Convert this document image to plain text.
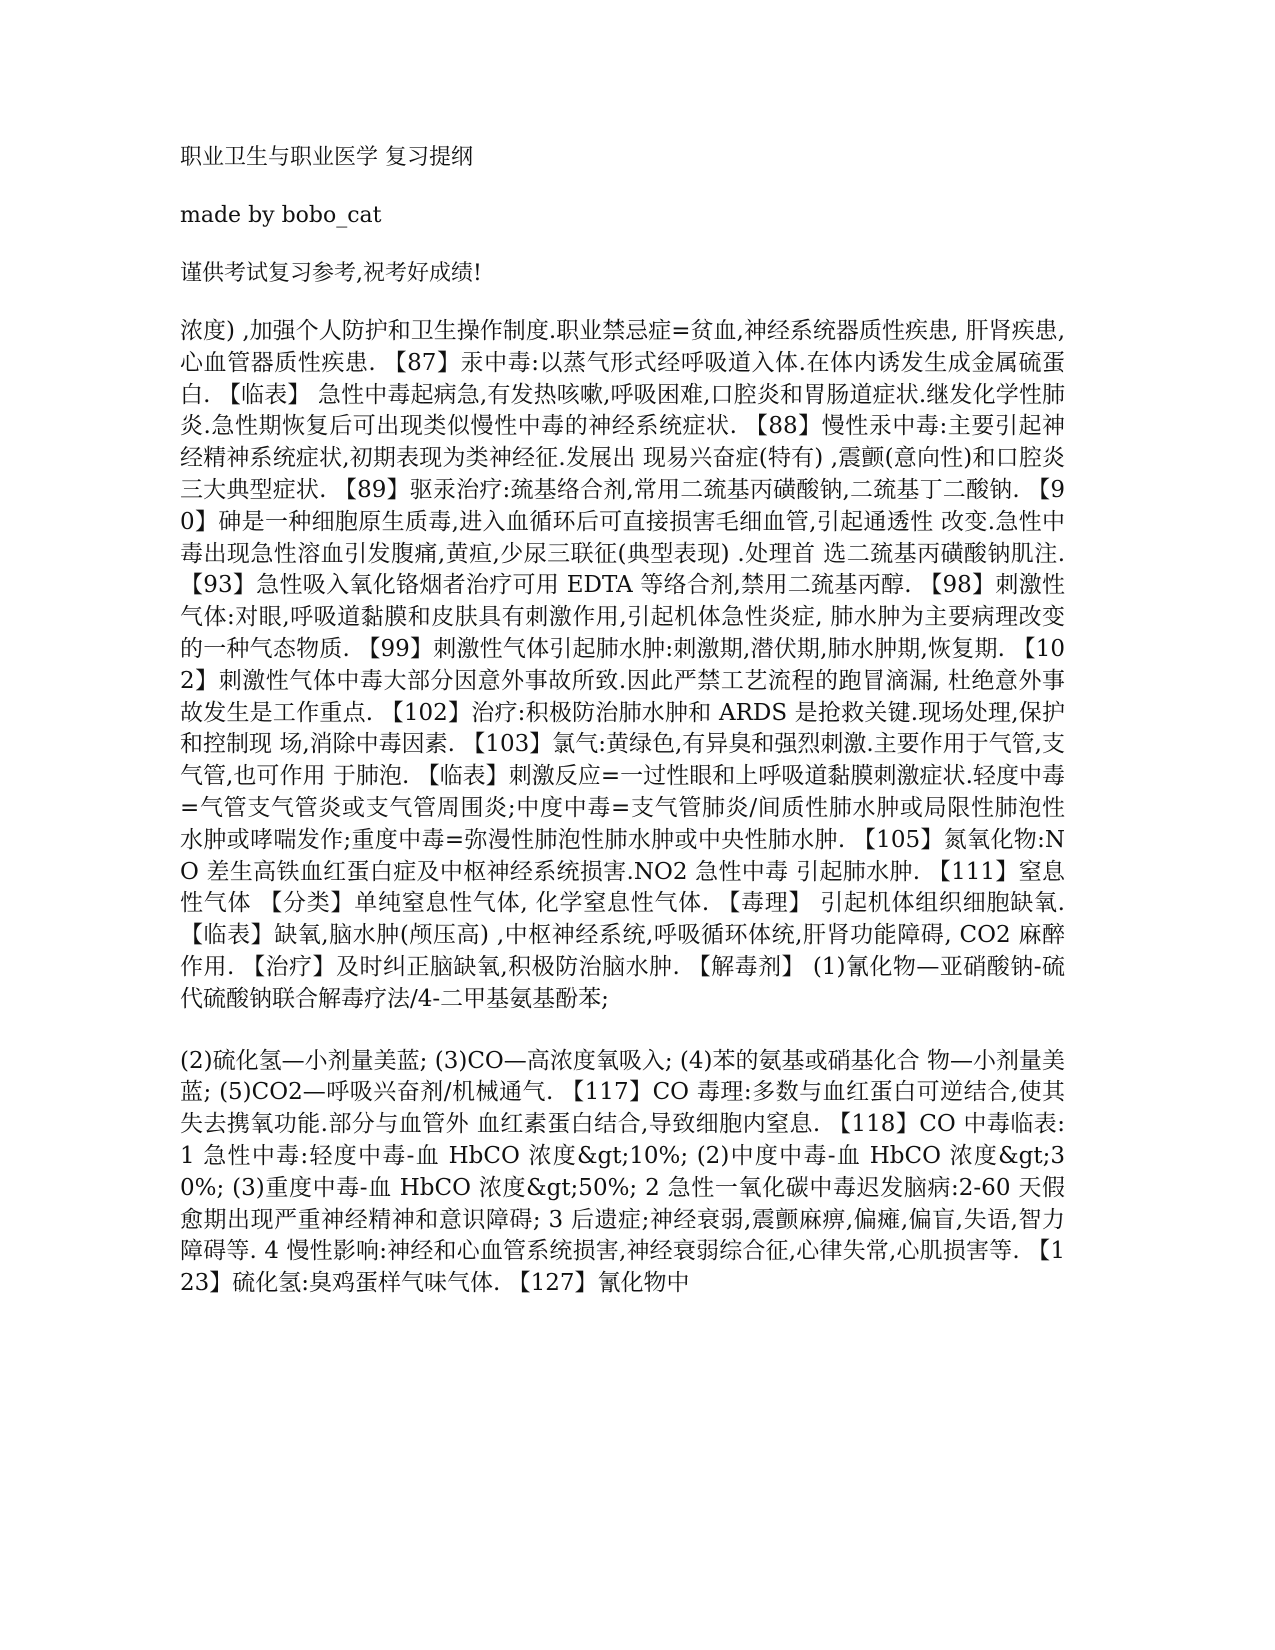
职业卫生与职业医学 复习提纲

made by bobo_cat

谨供考试复习参考,祝考好成绩!

浓度) ,加强个人防护和卫生操作制度.职业禁忌症=贫血,神经系统器质性疾患, 肝肾疾患,心血管器质性疾患. 【87】汞中毒:以蒸气形式经呼吸道入体.在体内诱发生成金属硫蛋白. 【临表】 急性中毒起病急,有发热咳嗽,呼吸困难,口腔炎和胃肠道症状.继发化学性肺 炎.急性期恢复后可出现类似慢性中毒的神经系统症状. 【88】慢性汞中毒:主要引起神经精神系统症状,初期表现为类神经征.发展出 现易兴奋症(特有) ,震颤(意向性)和口腔炎三大典型症状. 【89】驱汞治疗:巯基络合剂,常用二巯基丙磺酸钠,二巯基丁二酸钠. 【90】砷是一种细胞原生质毒,进入血循环后可直接损害毛细血管,引起通透性 改变.急性中毒出现急性溶血引发腹痛,黄疸,少尿三联征(典型表现) .处理首 选二巯基丙磺酸钠肌注. 【93】急性吸入氧化铬烟者治疗可用 EDTA 等络合剂,禁用二巯基丙醇. 【98】刺激性气体:对眼,呼吸道黏膜和皮肤具有刺激作用,引起机体急性炎症, 肺水肿为主要病理改变的一种气态物质. 【99】刺激性气体引起肺水肿:刺激期,潜伏期,肺水肿期,恢复期. 【102】刺激性气体中毒大部分因意外事故所致.因此严禁工艺流程的跑冒滴漏, 杜绝意外事故发生是工作重点. 【102】治疗:积极防治肺水肿和 ARDS 是抢救关键.现场处理,保护和控制现 场,消除中毒因素. 【103】氯气:黄绿色,有异臭和强烈刺激.主要作用于气管,支气管,也可作用 于肺泡. 【临表】刺激反应=一过性眼和上呼吸道黏膜刺激症状.轻度中毒=气管支气管炎或支气管周围炎;中度中毒=支气管肺炎/间质性肺水肿或局限性肺泡性 水肿或哮喘发作;重度中毒=弥漫性肺泡性肺水肿或中央性肺水肿. 【105】氮氧化物:NO 差生高铁血红蛋白症及中枢神经系统损害.NO2 急性中毒 引起肺水肿. 【111】窒息性气体 【分类】单纯窒息性气体, 化学窒息性气体. 【毒理】 引起机体组织细胞缺氧. 【临表】缺氧,脑水肿(颅压高) ,中枢神经系统,呼吸循环体统,肝肾功能障碍, CO2 麻醉作用. 【治疗】及时纠正脑缺氧,积极防治脑水肿. 【解毒剂】 (1)氰化物—亚硝酸钠-硫代硫酸钠联合解毒疗法/4-二甲基氨基酚苯;

(2)硫化氢—小剂量美蓝; (3)CO—高浓度氧吸入; (4)苯的氨基或硝基化合 物—小剂量美蓝; (5)CO2—呼吸兴奋剂/机械通气. 【117】CO 毒理:多数与血红蛋白可逆结合,使其失去携氧功能.部分与血管外 血红素蛋白结合,导致细胞内窒息. 【118】CO 中毒临表: 1 急性中毒:轻度中毒-血 HbCO 浓度&gt;10%; (2)中度中毒-血 HbCO 浓度&gt;30%; (3)重度中毒-血 HbCO 浓度&gt;50%; 2 急性一氧化碳中毒迟发脑病:2-60 天假愈期出现严重神经精神和意识障碍; 3 后遗症;神经衰弱,震颤麻痹,偏瘫,偏盲,失语,智力障碍等. 4 慢性影响:神经和心血管系统损害,神经衰弱综合征,心律失常,心肌损害等. 【123】硫化氢:臭鸡蛋样气味气体. 【127】氰化物中
